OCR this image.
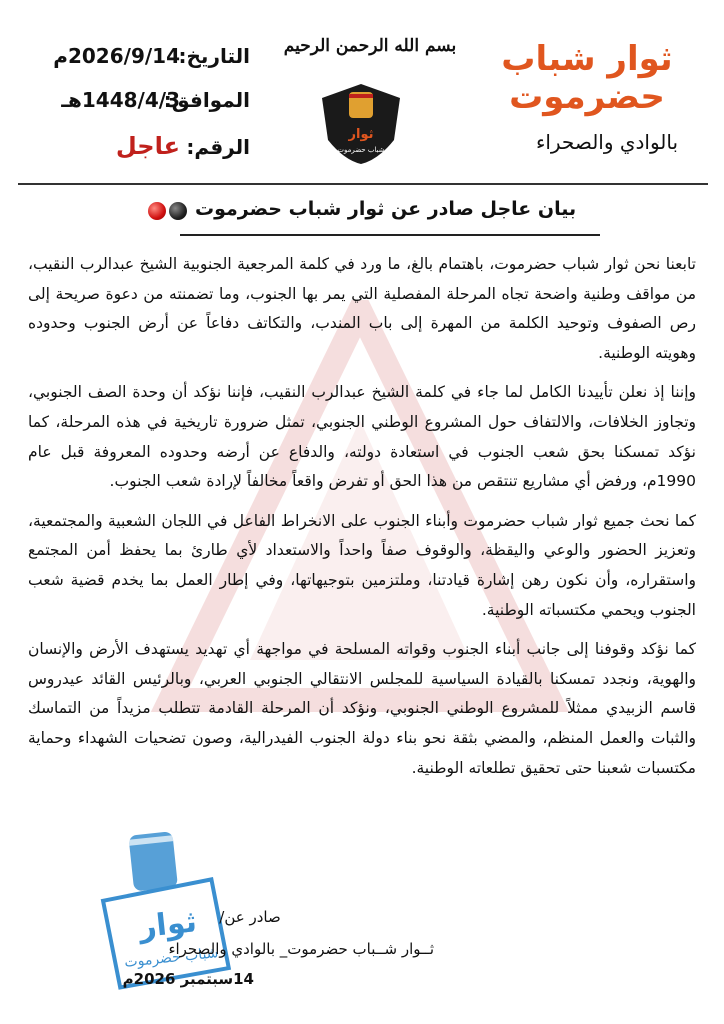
التاريخ:
2026/9/14م
الموافق:
1448/4/3هـ
الرقم:
عاجل
بسم الله الرحمن الرحيم
ثوار
شباب حضرموت
ثوار شباب
حضرموت
بالوادي والصحراء
بيان عاجل صادر عن ثوار شباب حضرموت

تابعنا نحن ثوار شباب حضرموت، باهتمام بالغ، ما ورد في كلمة المرجعية الجنوبية الشيخ عبدالرب النقيب، من مواقف وطنية واضحة تجاه المرحلة المفصلية التي يمر بها الجنوب، وما تضمنته من دعوة صريحة إلى رص الصفوف وتوحيد الكلمة من المهرة إلى باب المندب، والتكاتف دفاعاً عن أرض الجنوب وحدوده وهويته الوطنية.

وإننا إذ نعلن تأييدنا الكامل لما جاء في كلمة الشيخ عبدالرب النقيب، فإننا نؤكد أن وحدة الصف الجنوبي، وتجاوز الخلافات، والالتفاف حول المشروع الوطني الجنوبي، تمثل ضرورة تاريخية في هذه المرحلة، كما نؤكد تمسكنا بحق شعب الجنوب في استعادة دولته، والدفاع عن أرضه وحدوده المعروفة قبل عام 1990م، ورفض أي مشاريع تنتقص من هذا الحق أو تفرض واقعاً مخالفاً لإرادة شعب الجنوب.

كما نحث جميع ثوار شباب حضرموت وأبناء الجنوب على الانخراط الفاعل في اللجان الشعبية والمجتمعية، وتعزيز الحضور والوعي واليقظة، والوقوف صفاً واحداً والاستعداد لأي طارئ بما يحفظ أمن المجتمع واستقراره، وأن نكون رهن إشارة قيادتنا، وملتزمين بتوجيهاتها، وفي إطار العمل بما يخدم قضية شعب الجنوب ويحمي مكتسباته الوطنية.

كما نؤكد وقوفنا إلى جانب أبناء الجنوب وقواته المسلحة في مواجهة أي تهديد يستهدف الأرض والإنسان والهوية، ونجدد تمسكنا بالقيادة السياسية للمجلس الانتقالي الجنوبي العربي، وبالرئيس القائد عيدروس قاسم الزبيدي ممثلاً للمشروع الوطني الجنوبي، ونؤكد أن المرحلة القادمة تتطلب مزيداً من التماسك والثبات والعمل المنظم، والمضي بثقة نحو بناء دولة الجنوب الفيدرالية، وصون تضحيات الشهداء وحماية مكتسبات شعبنا حتى تحقيق تطلعاته الوطنية.

ثوار
شباب حضرموت
صادر عن/
ثــوار شــباب حضرموت_ بالوادي والصحراء
14سبتمبر 2026م
